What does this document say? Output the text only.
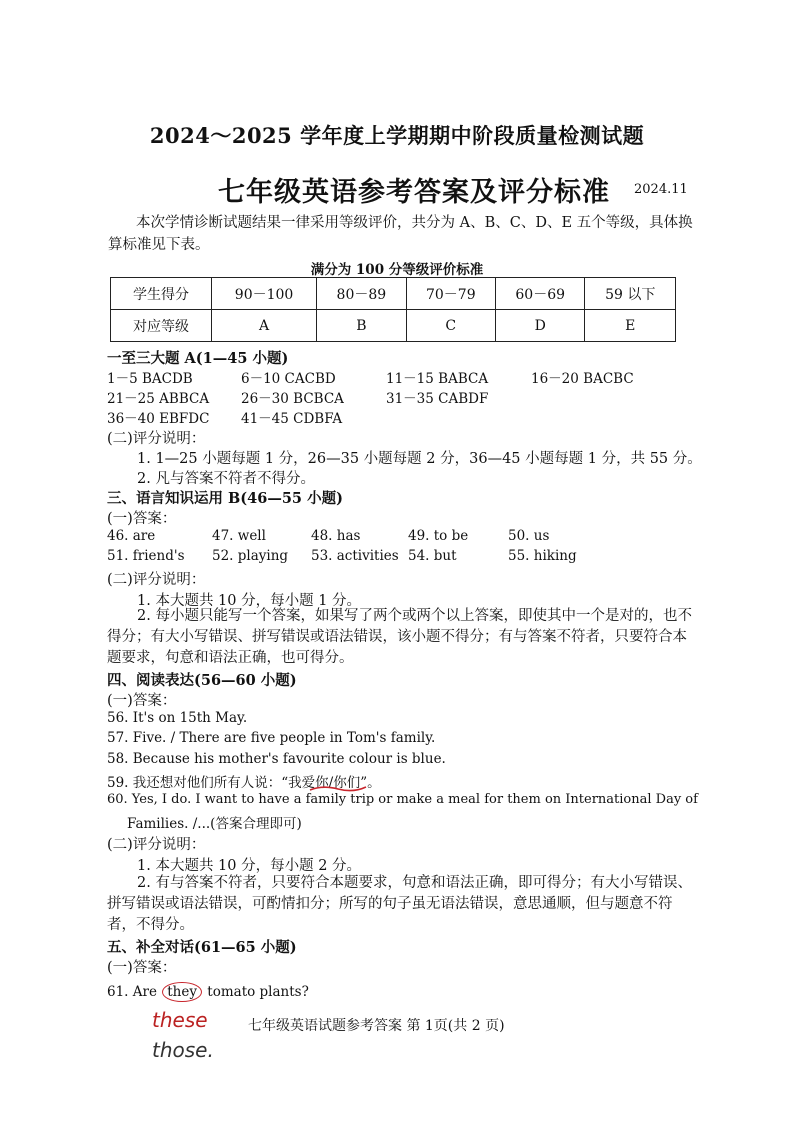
2024～2025 学年度上学期期中阶段质量检测试题
七年级英语参考答案及评分标准 2024.11
本次学情诊断试题结果一律采用等级评价，共分为 A、B、C、D、E 五个等级，具体换算标准见下表。
满分为 100 分等级评价标准
学生得分	90－100	80－89	70－79	60－69	59 以下
对应等级	A	B	C	D	E
一至三大题 A(1—45 小题)
1－5 BACDB	6－10 CACBD	11－15 BABCA	16－20 BACBC
21－25 ABBCA 26－30 BCBCA	31－35 CABDF
36－40 EBFDC 41－45 CDBFA
(二)评分说明：
1. 1—25 小题每题 1 分，26—35 小题每题 2 分，36—45 小题每题 1 分，共 55 分。
2. 凡与答案不符者不得分。
三、语言知识运用 B(46—55 小题)
(一)答案：
46. are	47. well	48. has	49. to be	50. us
51. friend's 52. playing 53. activities 54. but	55. hiking
(二)评分说明：
1. 本大题共 10 分，每小题 1 分。
2. 每小题只能写一个答案，如果写了两个或两个以上答案，即使其中一个是对的，也不得分；有大小写错误、拼写错误或语法错误，该小题不得分；有与答案不符者，只要符合本题要求，句意和语法正确，也可得分。
四、阅读表达(56—60 小题)
(一)答案：
56. It's on 15th May.
57. Five. / There are five people in Tom's family.
58. Because his mother's favourite colour is blue.
59. 我还想对他们所有人说：“我爱你/你们”。
60. Yes, I do. I want to have a family trip or make a meal for them on International Day of
Families. /...(答案合理即可)
(二)评分说明：
1. 本大题共 10 分，每小题 2 分。
2. 有与答案不符者，只要符合本题要求，句意和语法正确，即可得分；有大小写错误、拼写错误或语法错误，可酌情扣分；所写的句子虽无语法错误，意思通顺，但与题意不符者，不得分。
五、补全对话(61—65 小题)
(一)答案：
61. Are they tomato plants?
these
those.
七年级英语试题参考答案 第 1页(共 2 页)
